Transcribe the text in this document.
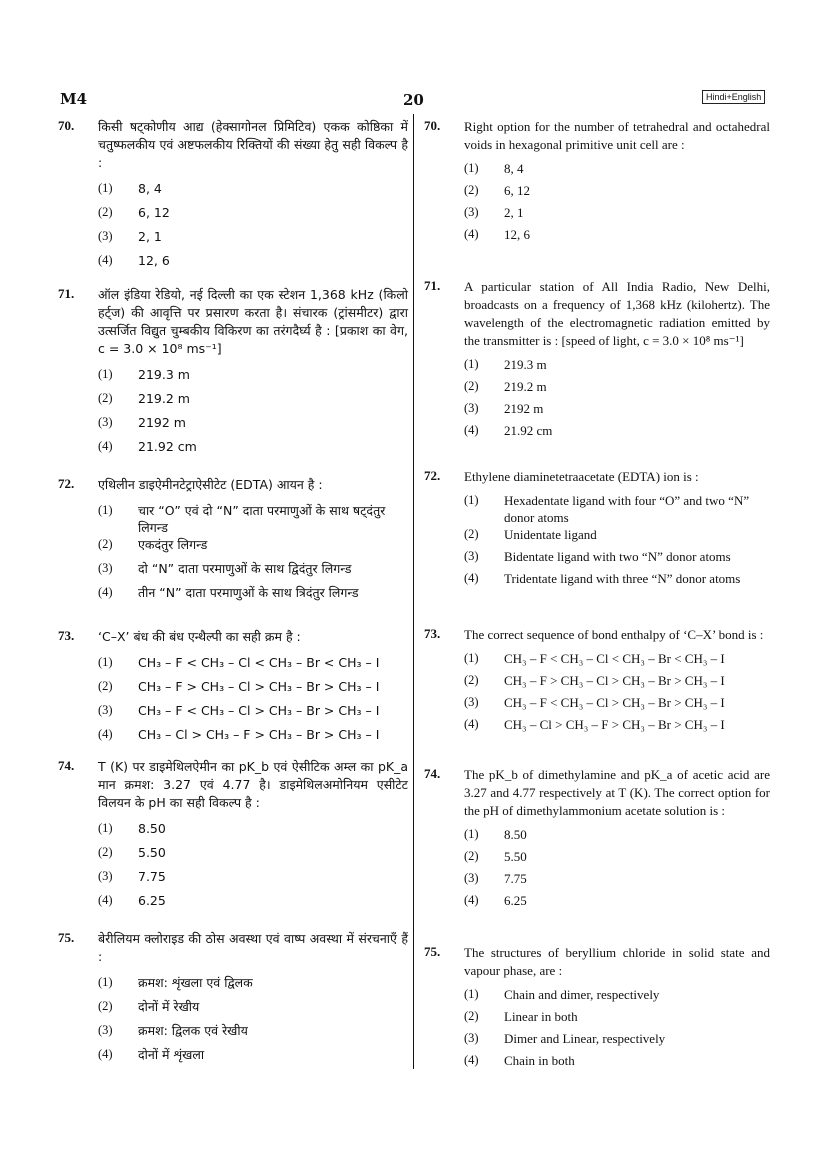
M4	20	Hindi+English
70.	किसी षट्कोणीय आद्य (हेक्सागोनल प्रिमिटिव) एकक कोष्ठिका में चतुष्फलकीय एवं अष्टफलकीय रिक्तियों की संख्या हेतु सही विकल्प है :
(1)	8, 4
(2)	6, 12
(3)	2, 1
(4)	12, 6
71.	ऑल इंडिया रेडियो, नई दिल्ली का एक स्टेशन 1,368 kHz (किलो हर्ट्ज) की आवृत्ति पर प्रसारण करता है। संचारक (ट्रांसमीटर) द्वारा उत्सर्जित विद्युत चुम्बकीय विकिरण का तरंगदैर्घ्य है : [प्रकाश का वेग, c = 3.0 × 10⁸ ms⁻¹]
(1)	219.3 m
(2)	219.2 m
(3)	2192 m
(4)	21.92 cm
72.	एथिलीन डाइऐमीनटेट्राऐसीटेट (EDTA) आयन है :
(1)	चार “O” एवं दो “N” दाता परमाणुओं के साथ षट्दंतुर लिगन्ड
(2)	एकदंतुर लिगन्ड
(3)	दो “N” दाता परमाणुओं के साथ द्विदंतुर लिगन्ड
(4)	तीन “N” दाता परमाणुओं के साथ त्रिदंतुर लिगन्ड
73.	‘C–X’ बंध की बंध एन्थैल्पी का सही क्रम है :
(1)	CH₃ – F < CH₃ – Cl < CH₃ – Br < CH₃ – I
(2)	CH₃ – F > CH₃ – Cl > CH₃ – Br > CH₃ – I
(3)	CH₃ – F < CH₃ – Cl > CH₃ – Br > CH₃ – I
(4)	CH₃ – Cl > CH₃ – F > CH₃ – Br > CH₃ – I
74.	T (K) पर डाइमेथिलऐमीन का pK_b एवं ऐसीटिक अम्ल का pK_a मान क्रमश: 3.27 एवं 4.77 है। डाइमेथिलअमोनियम एसीटेट विलयन के pH का सही विकल्प है :
(1)	8.50
(2)	5.50
(3)	7.75
(4)	6.25
75.	बेरीलियम क्लोराइड की ठोस अवस्था एवं वाष्प अवस्था में संरचनाएँ हैं :
(1)	क्रमश: शृंखला एवं द्विलक
(2)	दोनों में रेखीय
(3)	क्रमश: द्विलक एवं रेखीय
(4)	दोनों में शृंखला
70.	Right option for the number of tetrahedral and octahedral voids in hexagonal primitive unit cell are :
(1)	8, 4
(2)	6, 12
(3)	2, 1
(4)	12, 6
71.	A particular station of All India Radio, New Delhi, broadcasts on a frequency of 1,368 kHz (kilohertz). The wavelength of the electromagnetic radiation emitted by the transmitter is : [speed of light, c = 3.0 × 10⁸ ms⁻¹]
(1)	219.3 m
(2)	219.2 m
(3)	2192 m
(4)	21.92 cm
72.	Ethylene diaminetetraacetate (EDTA) ion is :
(1)	Hexadentate ligand with four “O” and two “N” donor atoms
(2)	Unidentate ligand
(3)	Bidentate ligand with two “N” donor atoms
(4)	Tridentate ligand with three “N” donor atoms
73.	The correct sequence of bond enthalpy of ‘C–X’ bond is :
(1)	CH₃ – F < CH₃ – Cl < CH₃ – Br < CH₃ – I
(2)	CH₃ – F > CH₃ – Cl > CH₃ – Br > CH₃ – I
(3)	CH₃ – F < CH₃ – Cl > CH₃ – Br > CH₃ – I
(4)	CH₃ – Cl > CH₃ – F > CH₃ – Br > CH₃ – I
74.	The pK_b of dimethylamine and pK_a of acetic acid are 3.27 and 4.77 respectively at T (K). The correct option for the pH of dimethylammonium acetate solution is :
(1)	8.50
(2)	5.50
(3)	7.75
(4)	6.25
75.	The structures of beryllium chloride in solid state and vapour phase, are :
(1)	Chain and dimer, respectively
(2)	Linear in both
(3)	Dimer and Linear, respectively
(4)	Chain in both
